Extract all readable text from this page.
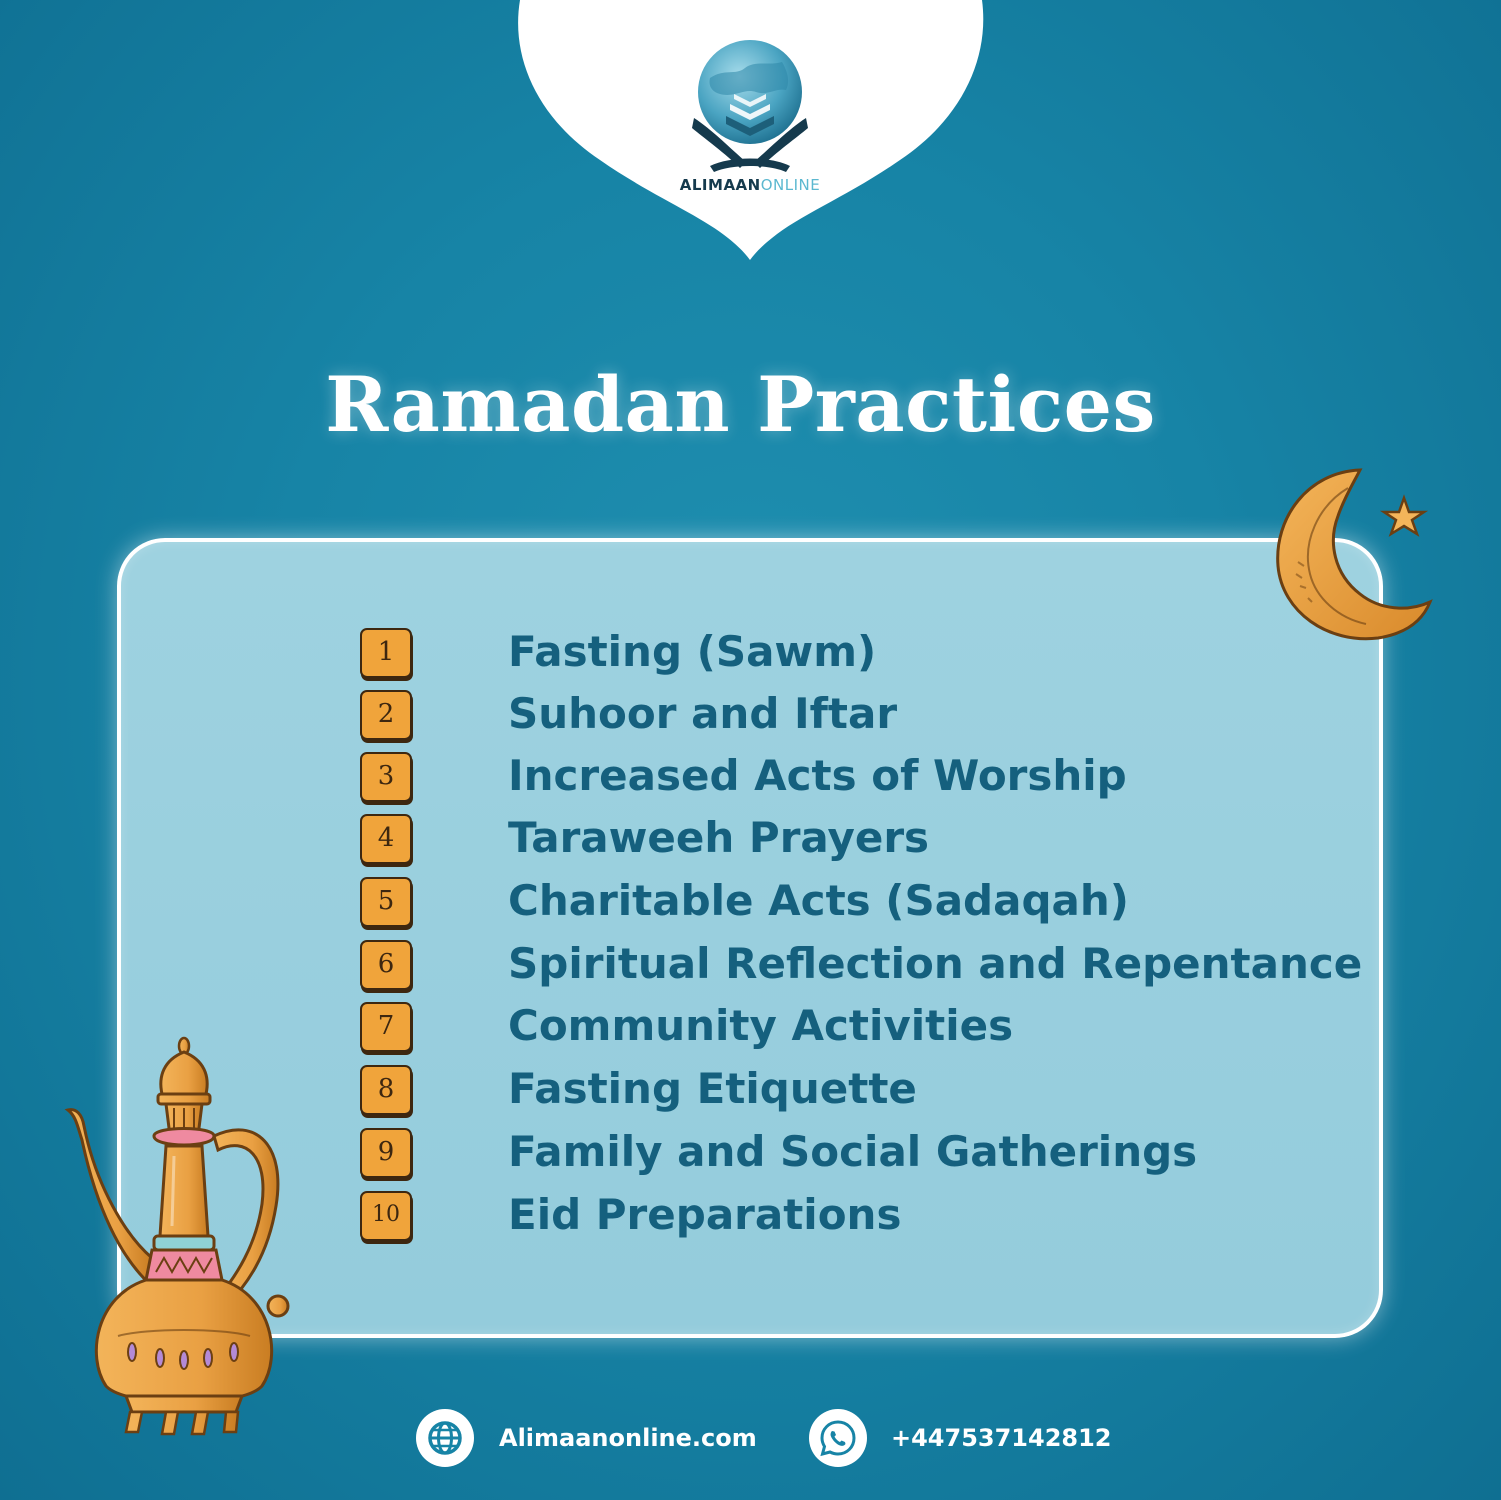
ALIMAANONLINE
Ramadan Practices
1	Fasting (Sawm)
2	Suhoor and Iftar
3	Increased Acts of Worship
4	Taraweeh Prayers
5	Charitable Acts (Sadaqah)
6	Spiritual Reflection and Repentance
7	Community Activities
8	Fasting Etiquette
9	Family and Social Gatherings
10	Eid Preparations
Alimaanonline.com	+447537142812
